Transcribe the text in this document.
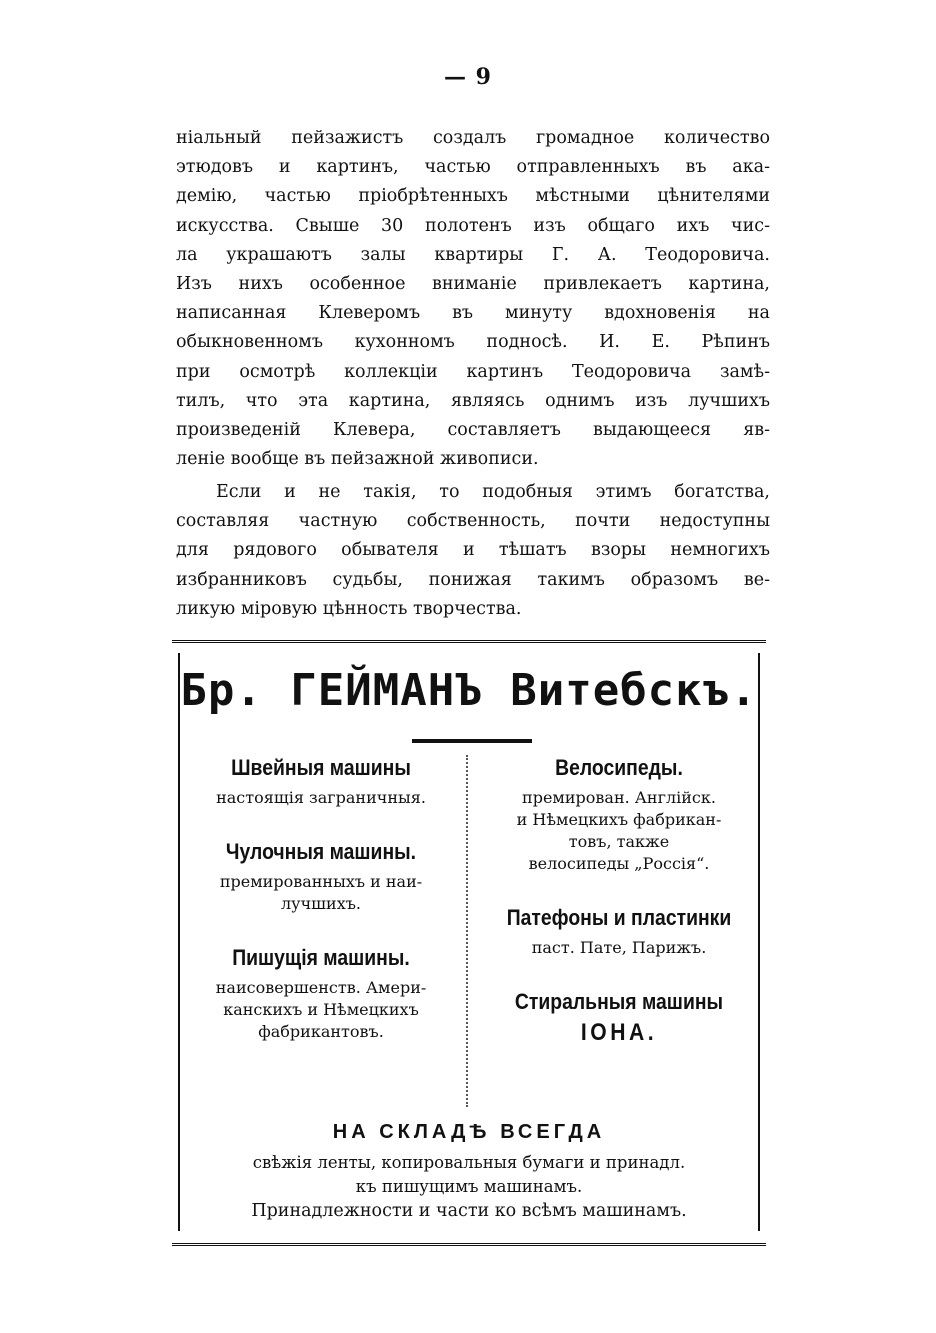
— 9
ніальный пейзажистъ создалъ громадное количество
этюдовъ и картинъ, частью отправленныхъ въ ака-
демію, частью пріобрѣтенныхъ мѣстными цѣнителями
искусства. Свыше 30 полотенъ изъ общаго ихъ чис-
ла украшаютъ залы квартиры Г. А. Теодоровича.
Изъ нихъ особенное вниманіе привлекаетъ картина,
написанная Клеверомъ въ минуту вдохновенія на
обыкновенномъ кухонномъ подносѣ. И. Е. Рѣпинъ
при осмотрѣ коллекціи картинъ Теодоровича замѣ-
тилъ, что эта картина, являясь однимъ изъ лучшихъ
произведеній Клевера, составляетъ выдающееся яв-
леніе вообще въ пейзажной живописи.
Если и не такія, то подобныя этимъ богатства,
составляя частную собственность, почти недоступны
для рядового обывателя и тѣшатъ взоры немногихъ
избранниковъ судьбы, понижая такимъ образомъ ве-
ликую міровую цѣнность творчества.
Бр. ГЕЙМАНЪ Витебскъ.
Швейныя машины
настоящія заграничныя.
Чулочныя машины.
премированныхъ и наи-
лучшихъ.
Пишущія машины.
наисовершенств. Амери-
канскихъ и Нѣмецкихъ
фабрикантовъ.
Велосипеды.
премирован. Англійск.
и Нѣмецкихъ фабрикан-
товъ, также
велосипеды „Россія“.
Патефоны и пластинки
паст. Пате, Парижъ.
Стиральныя машины
ІОНА.
НА СКЛАДѢ ВСЕГДА
свѣжія ленты, копировальныя бумаги и принадл.
къ пишущимъ машинамъ.
Принадлежности и части ко всѣмъ машинамъ.
